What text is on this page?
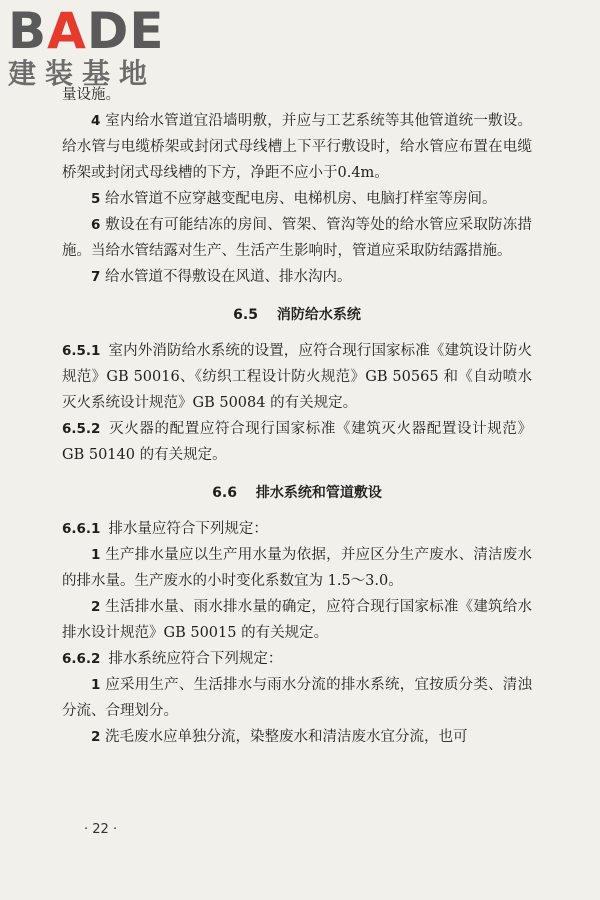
BADE
建装基地

量设施。

4 室内给水管道宜沿墙明敷，并应与工艺系统等其他管道统一敷设。给水管与电缆桥架或封闭式母线槽上下平行敷设时，给水管应布置在电缆桥架或封闭式母线槽的下方，净距不应小于0.4m。

5 给水管道不应穿越变配电房、电梯机房、电脑打样室等房间。

6 敷设在有可能结冻的房间、管架、管沟等处的给水管应采取防冻措施。当给水管结露对生产、生活产生影响时，管道应采取防结露措施。

7 给水管道不得敷设在风道、排水沟内。

6.5 消防给水系统

6.5.1 室内外消防给水系统的设置，应符合现行国家标准《建筑设计防火规范》GB 50016、《纺织工程设计防火规范》GB 50565 和《自动喷水灭火系统设计规范》GB 50084 的有关规定。

6.5.2 灭火器的配置应符合现行国家标准《建筑灭火器配置设计规范》GB 50140 的有关规定。

6.6 排水系统和管道敷设

6.6.1 排水量应符合下列规定：

1 生产排水量应以生产用水量为依据，并应区分生产废水、清洁废水的排水量。生产废水的小时变化系数宜为 1.5～3.0。

2 生活排水量、雨水排水量的确定，应符合现行国家标准《建筑给水排水设计规范》GB 50015 的有关规定。

6.6.2 排水系统应符合下列规定：

1 应采用生产、生活排水与雨水分流的排水系统，宜按质分类、清浊分流、合理划分。

2 洗毛废水应单独分流，染整废水和清洁废水宜分流，也可

· 22 ·
